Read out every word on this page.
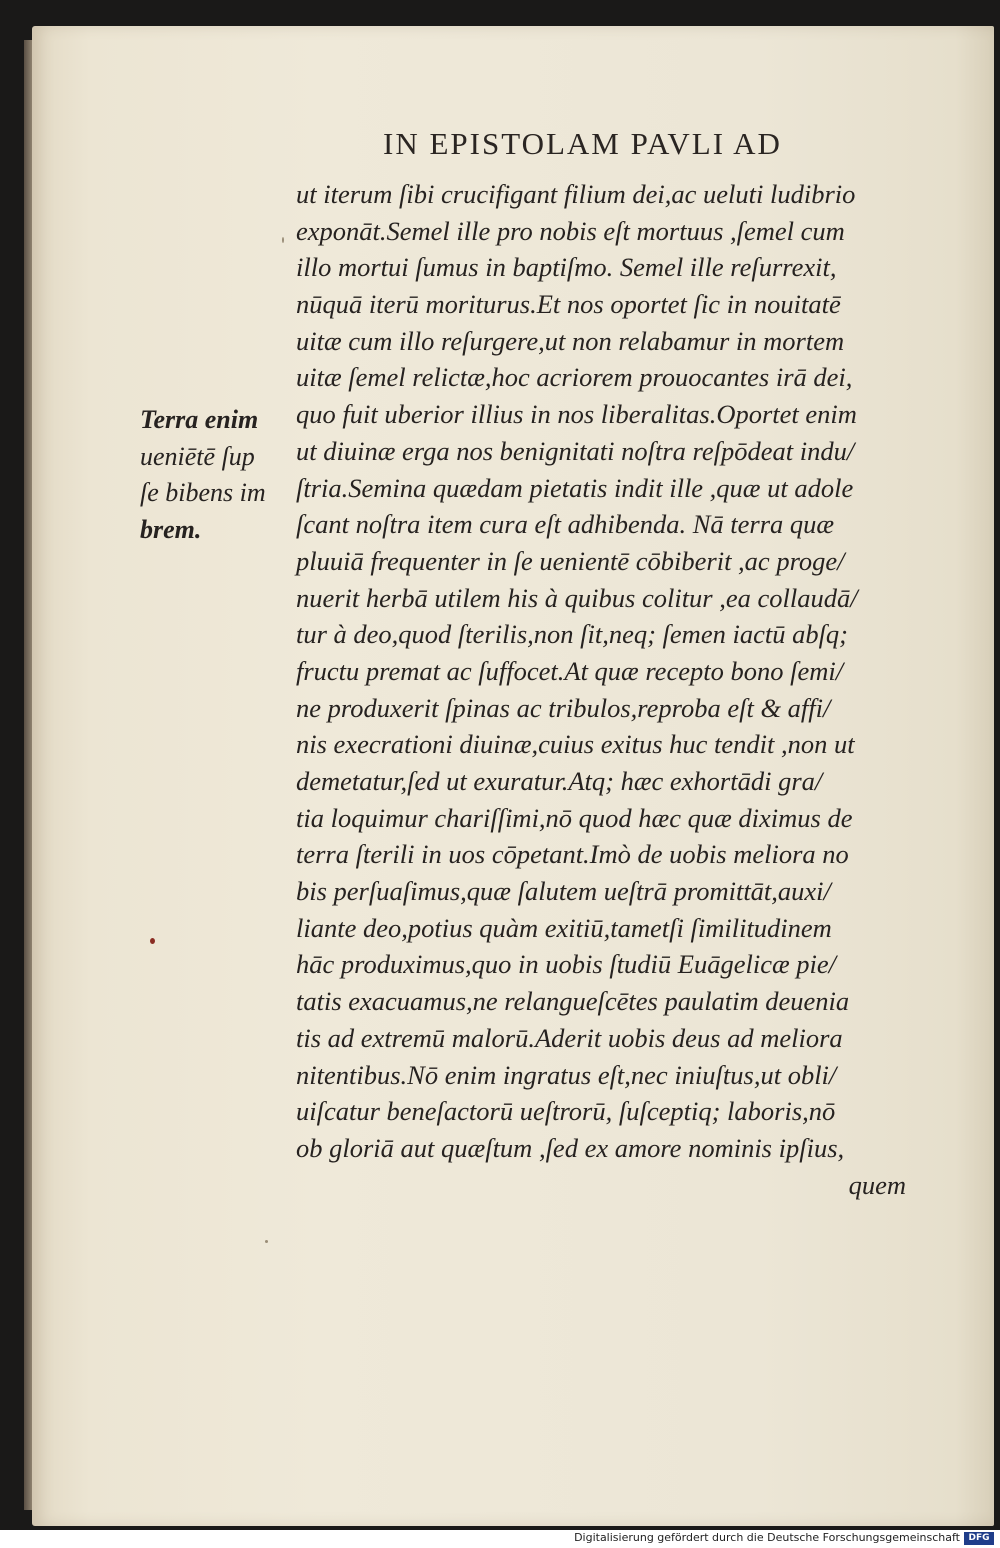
IN EPISTOLAM PAVLI AD
Terra enim
ueniētē ſup
ſe bibens im
brem.
ut iterum ſibi crucifigant filium dei,ac ueluti ludibrio
exponāt.Semel ille pro nobis eſt mortuus ,ſemel cum
illo mortui ſumus in baptiſmo. Semel ille reſurrexit,
nūquā iterū moriturus.Et nos oportet ſic in nouitatē
uitæ cum illo reſurgere,ut non relabamur in mortem
uitæ ſemel relictæ,hoc acriorem prouocantes irā dei,
quo fuit uberior illius in nos liberalitas.Oportet enim
ut diuinæ erga nos benignitati noſtra reſpōdeat indu/
ſtria.Semina quædam pietatis indit ille ,quæ ut adole
ſcant noſtra item cura eſt adhibenda. Nā terra quæ
pluuiā frequenter in ſe uenientē cōbiberit ,ac proge/
nuerit herbā utilem his à quibus colitur ,ea collaudā/
tur à deo,quod ſterilis,non ſit,neq; ſemen iactū abſq;
fructu premat ac ſuffocet.At quæ recepto bono ſemi/
ne produxerit ſpinas ac tribulos,reproba eſt & affi/
nis execrationi diuinæ,cuius exitus huc tendit ,non ut
demetatur,ſed ut exuratur.Atq; hæc exhortādi gra/
tia loquimur chariſſimi,nō quod hæc quæ diximus de
terra ſterili in uos cōpetant.Imò de uobis meliora no
bis perſuaſimus,quæ ſalutem ueſtrā promittāt,auxi/
liante deo,potius quàm exitiū,tametſi ſimilitudinem
hāc produximus,quo in uobis ſtudiū Euāgelicæ pie/
tatis exacuamus,ne relangueſcētes paulatim deuenia
tis ad extremū malorū.Aderit uobis deus ad meliora
nitentibus.Nō enim ingratus eſt,nec iniuſtus,ut obli/
uiſcatur beneſactorū ueſtrorū, ſuſceptiq; laboris,nō
ob gloriā aut quæſtum ,ſed ex amore nominis ipſius,
quem
Digitalisierung gefördert durch die Deutsche Forschungsgemeinschaft DFG
